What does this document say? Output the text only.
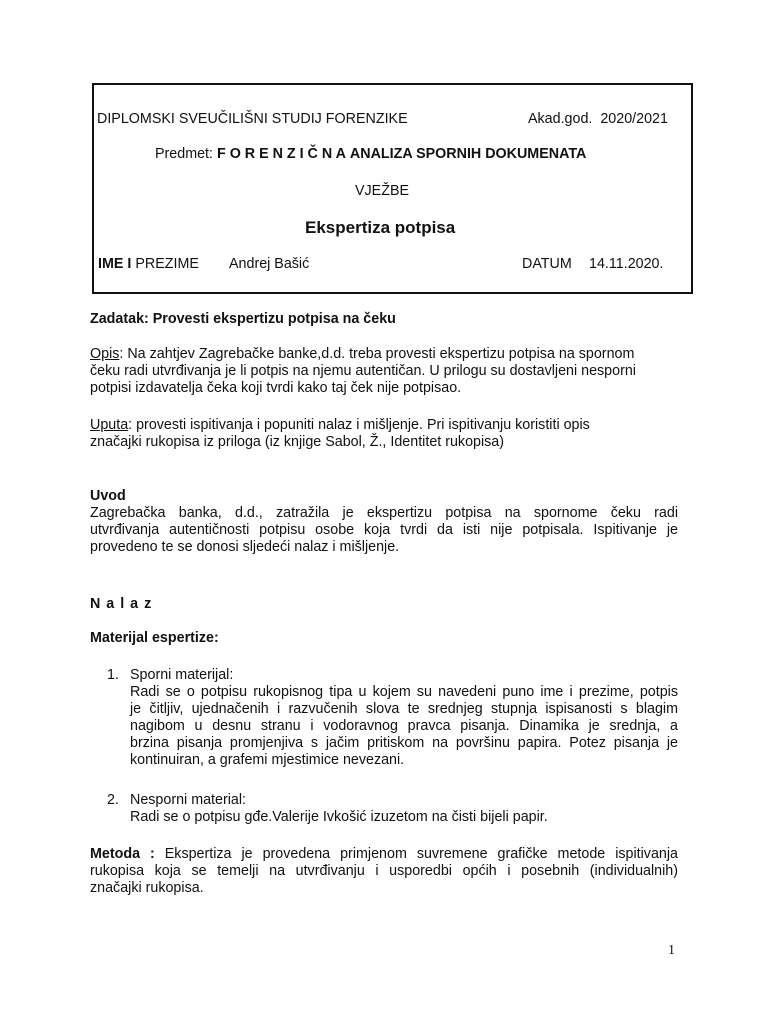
DIPLOMSKI SVEUČILIŠNI STUDIJ FORENZIKE	Akad.god. 2020/2021
Predmet: F O R E N Z I Č N A ANALIZA SPORNIH DOKUMENATA
VJEŽBE
Ekspertiza potpisa
IME I PREZIME Andrej Bašić	DATUM 14.11.2020.
Zadatak: Provesti ekspertizu potpisa na čeku

Opis: Na zahtjev Zagrebačke banke,d.d. treba provesti ekspertizu potpisa na spornom

čeku radi utvrđivanja je li potpis na njemu autentičan. U prilogu su dostavljeni nesporni

potpisi izdavatelja čeka koji tvrdi kako taj ček nije potpisao.

Uputa: provesti ispitivanja i popuniti nalaz i mišljenje. Pri ispitivanju koristiti opis

značajki rukopisa iz priloga (iz knjige Sabol, Ž., Identitet rukopisa)

Uvod

Zagrebačka banka, d.d., zatražila je ekspertizu potpisa na spornome čeku radi

utvrđivanja autentičnosti potpisu osobe koja tvrdi da isti nije potpisala. Ispitivanje je

provedeno te se donosi sljedeći nalaz i mišljenje.

N a l a z
Materijal espertize:
1. Sporni materijal:

Radi se o potpisu rukopisnog tipa u kojem su navedeni puno ime i prezime, potpis

je čitljiv, ujednačenih i razvučenih slova te srednjeg stupnja ispisanosti s blagim

nagibom u desnu stranu i vodoravnog pravca pisanja. Dinamika je srednja, a

brzina pisanja promjenjiva s jačim pritiskom na površinu papira. Potez pisanja je

kontinuiran, a grafemi mjestimice nevezani.

2. Nesporni material:

Radi se o potpisu gđe.Valerije Ivkošić izuzetom na čisti bijeli papir.

Metoda : Ekspertiza je provedena primjenom suvremene grafičke metode ispitivanja

rukopisa koja se temelji na utvrđivanju i usporedbi općih i posebnih (individualnih)

značajki rukopisa.

1
